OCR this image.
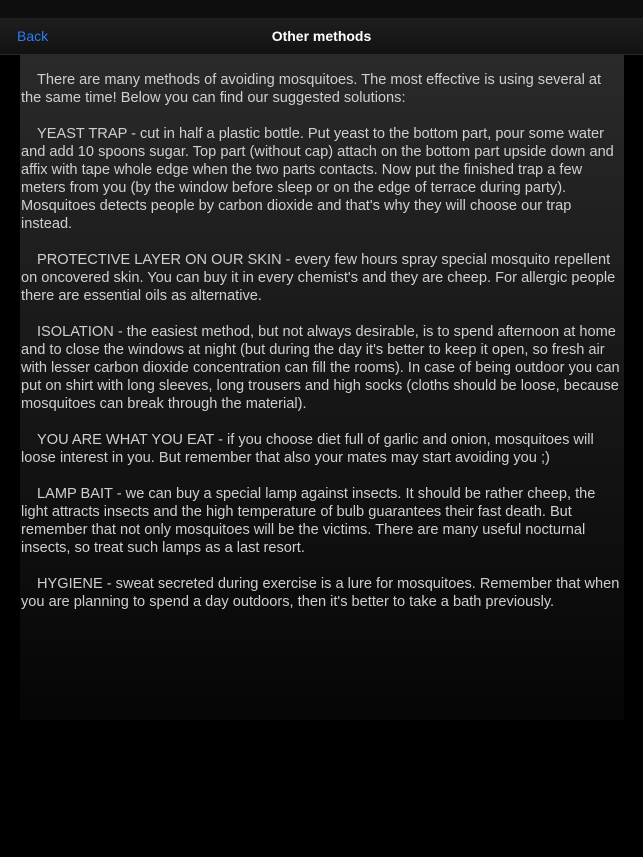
Back	Other methods

There are many methods of avoiding mosquitoes. The most effective is using several at the same time! Below you can find our suggested solutions:

YEAST TRAP - cut in half a plastic bottle. Put yeast to the bottom part, pour some water and add 10 spoons sugar. Top part (without cap) attach on the bottom part upside down and affix with tape whole edge when the two parts contacts. Now put the finished trap a few meters from you (by the window before sleep or on the edge of terrace during party). Mosquitoes detects people by carbon dioxide and that's why they will choose our trap instead.

PROTECTIVE LAYER ON OUR SKIN - every few hours spray special mosquito repellent on oncovered skin. You can buy it in every chemist's and they are cheep. For allergic people there are essential oils as alternative.

ISOLATION - the easiest method, but not always desirable, is to spend afternoon at home and to close the windows at night (but during the day it's better to keep it open, so fresh air with lesser carbon dioxide concentration can fill the rooms). In case of being outdoor you can put on shirt with long sleeves, long trousers and high socks (cloths should be loose, because mosquitoes can break through the material).

YOU ARE WHAT YOU EAT - if you choose diet full of garlic and onion, mosquitoes will loose interest in you. But remember that also your mates may start avoiding you ;)

LAMP BAIT - we can buy a special lamp against insects. It should be rather cheep, the light attracts insects and the high temperature of bulb guarantees their fast death. But remember that not only mosquitoes will be the victims. There are many useful nocturnal insects, so treat such lamps as a last resort.

HYGIENE - sweat secreted during exercise is a lure for mosquitoes. Remember that when you are planning to spend a day outdoors, then it's better to take a bath previously.
